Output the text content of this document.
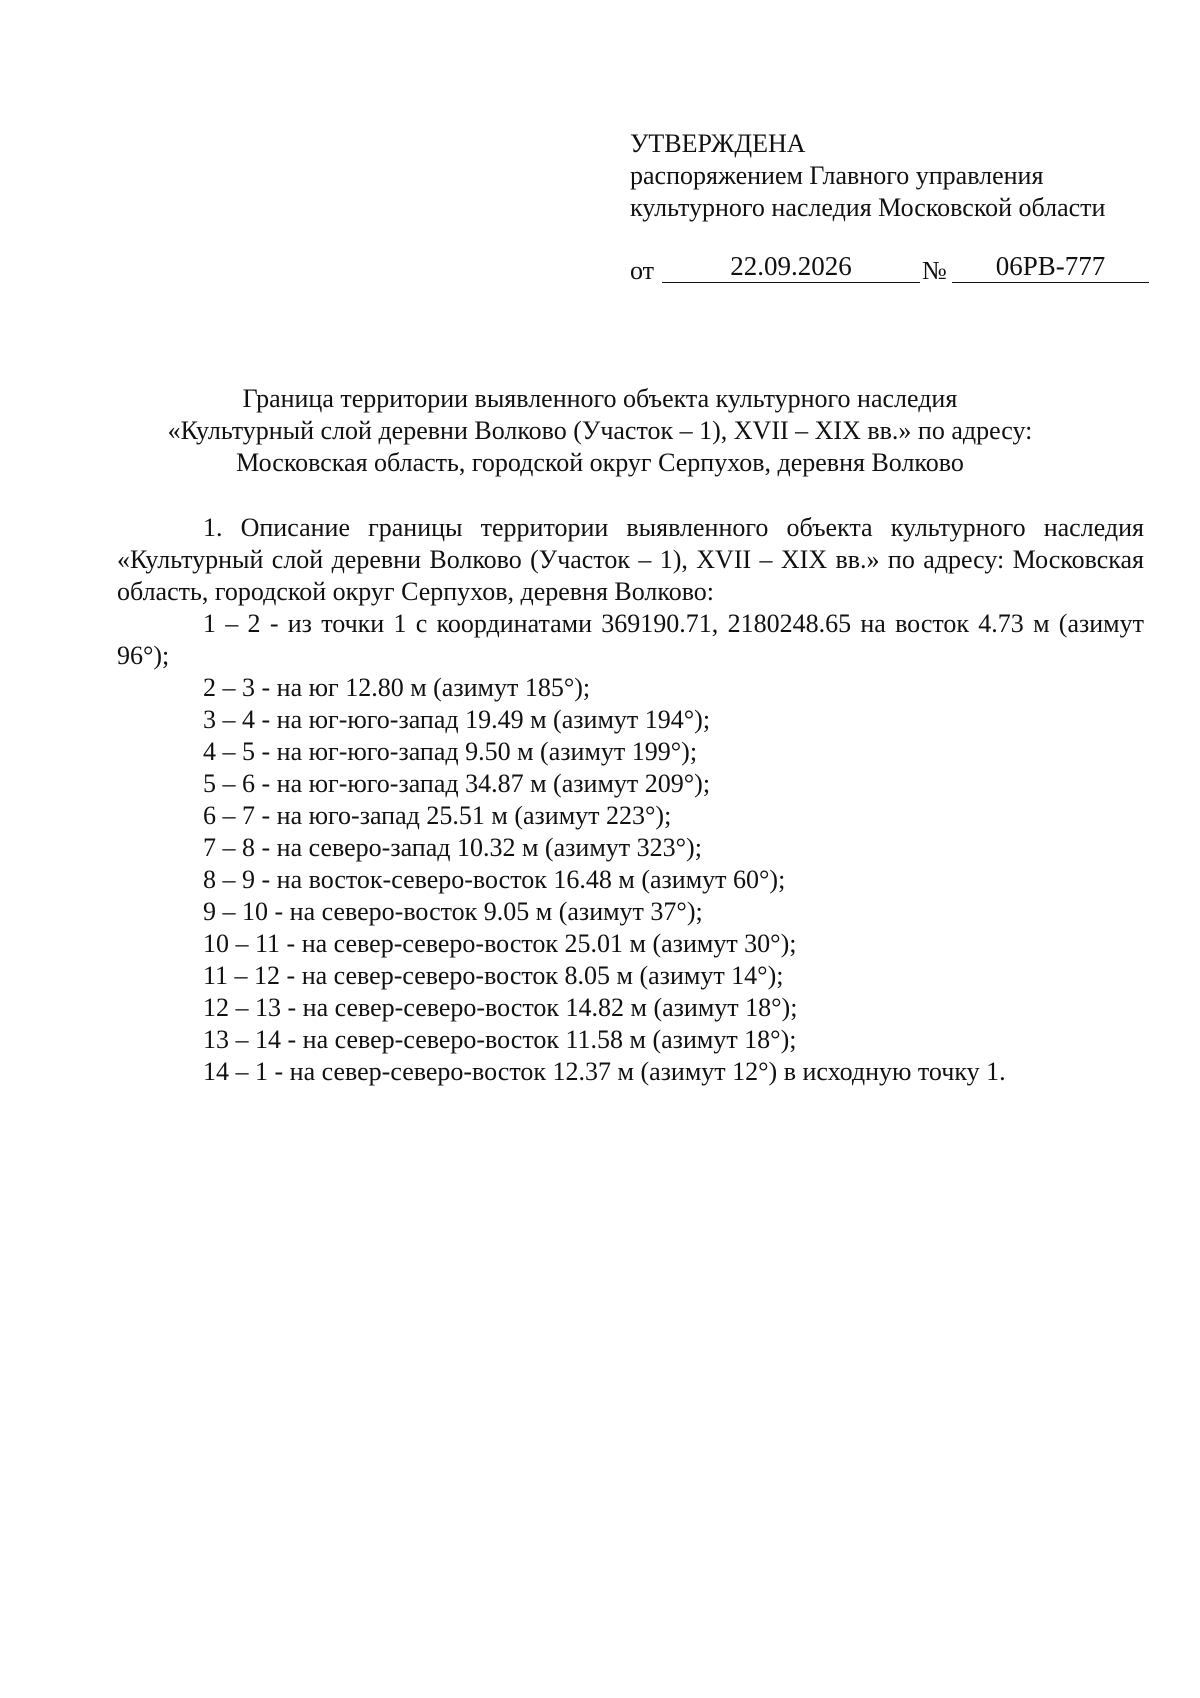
УТВЕРЖДЕНА
распоряжением Главного управления
культурного наследия Московской области
от	22.09.2026	№	06РВ-777
Граница территории выявленного объекта культурного наследия
«Культурный слой деревни Волково (Участок – 1), XVII – XIX вв.» по адресу:
Московская область, городской округ Серпухов, деревня Волково

1. Описание границы территории выявленного объекта культурного наследия «Культурный слой деревни Волково (Участок – 1), XVII – XIX вв.» по адресу: Московская область, городской округ Серпухов, деревня Волково:

1 – 2 - из точки 1 с координатами 369190.71, 2180248.65 на восток 4.73 м (азимут 96°);

2 – 3 - на юг 12.80 м (азимут 185°);

3 – 4 - на юг-юго-запад 19.49 м (азимут 194°);

4 – 5 - на юг-юго-запад 9.50 м (азимут 199°);

5 – 6 - на юг-юго-запад 34.87 м (азимут 209°);

6 – 7 - на юго-запад 25.51 м (азимут 223°);

7 – 8 - на северо-запад 10.32 м (азимут 323°);

8 – 9 - на восток-северо-восток 16.48 м (азимут 60°);

9 – 10 - на северо-восток 9.05 м (азимут 37°);

10 – 11 - на север-северо-восток 25.01 м (азимут 30°);

11 – 12 - на север-северо-восток 8.05 м (азимут 14°);

12 – 13 - на север-северо-восток 14.82 м (азимут 18°);

13 – 14 - на север-северо-восток 11.58 м (азимут 18°);

14 – 1 - на север-северо-восток 12.37 м (азимут 12°) в исходную точку 1.
